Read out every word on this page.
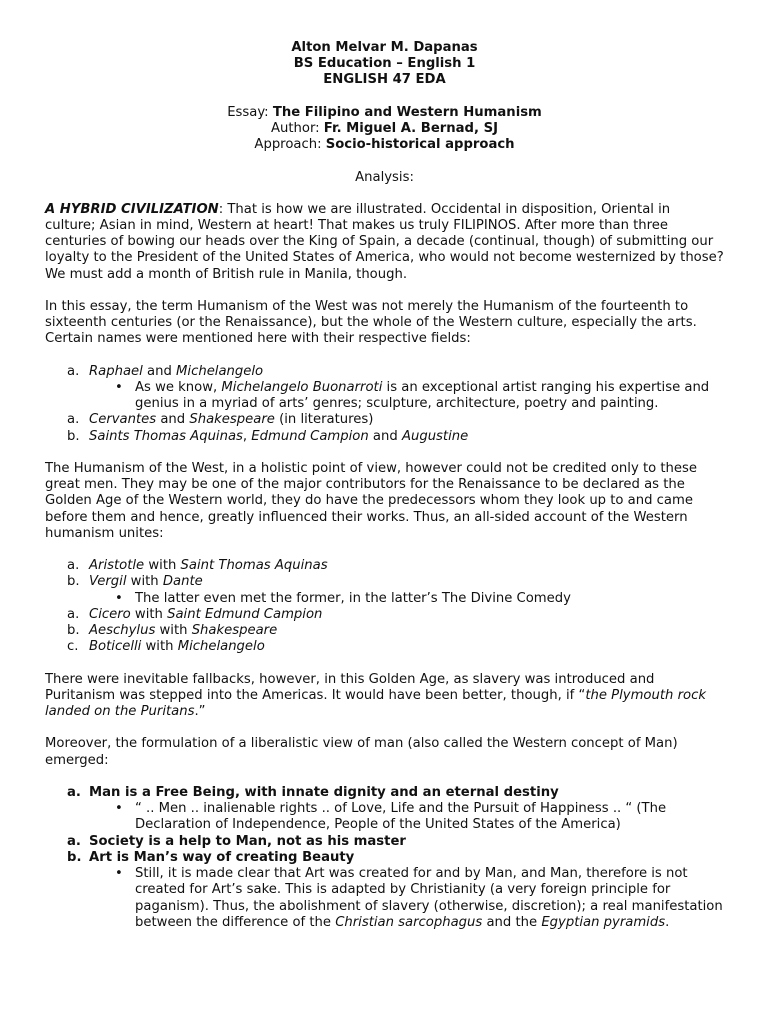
Alton Melvar M. Dapanas
BS Education – English 1
ENGLISH 47 EDA
Essay: The Filipino and Western Humanism
Author: Fr. Miguel A. Bernad, SJ
Approach: Socio-historical approach
Analysis:

A HYBRID CIVILIZATION: That is how we are illustrated. Occidental in disposition, Oriental in culture; Asian in mind, Western at heart! That makes us truly FILIPINOS. After more than three centuries of bowing our heads over the King of Spain, a decade (continual, though) of submitting our loyalty to the President of the United States of America, who would not become westernized by those? We must add a month of British rule in Manila, though.

In this essay, the term Humanism of the West was not merely the Humanism of the fourteenth to sixteenth centuries (or the Renaissance), but the whole of the Western culture, especially the arts. Certain names were mentioned here with their respective fields:

a. Raphael and Michelangelo
• As we know, Michelangelo Buonarroti is an exceptional artist ranging his expertise and genius in a myriad of arts’ genres; sculpture, architecture, poetry and painting.
a. Cervantes and Shakespeare (in literatures)
b. Saints Thomas Aquinas, Edmund Campion and Augustine

The Humanism of the West, in a holistic point of view, however could not be credited only to these great men. They may be one of the major contributors for the Renaissance to be declared as the Golden Age of the Western world, they do have the predecessors whom they look up to and came before them and hence, greatly influenced their works. Thus, an all-sided account of the Western humanism unites:

a. Aristotle with Saint Thomas Aquinas
b. Vergil with Dante
• The latter even met the former, in the latter’s The Divine Comedy
a. Cicero with Saint Edmund Campion
b. Aeschylus with Shakespeare
c. Boticelli with Michelangelo

There were inevitable fallbacks, however, in this Golden Age, as slavery was introduced and Puritanism was stepped into the Americas. It would have been better, though, if “the Plymouth rock landed on the Puritans.”

Moreover, the formulation of a liberalistic view of man (also called the Western concept of Man) emerged:

a. Man is a Free Being, with innate dignity and an eternal destiny
• “ .. Men .. inalienable rights .. of Love, Life and the Pursuit of Happiness .. “ (The Declaration of Independence, People of the United States of the America)
a. Society is a help to Man, not as his master
b. Art is Man’s way of creating Beauty
• Still, it is made clear that Art was created for and by Man, and Man, therefore is not created for Art’s sake. This is adapted by Christianity (a very foreign principle for paganism). Thus, the abolishment of slavery (otherwise, discretion); a real manifestation between the difference of the Christian sarcophagus and the Egyptian pyramids.
